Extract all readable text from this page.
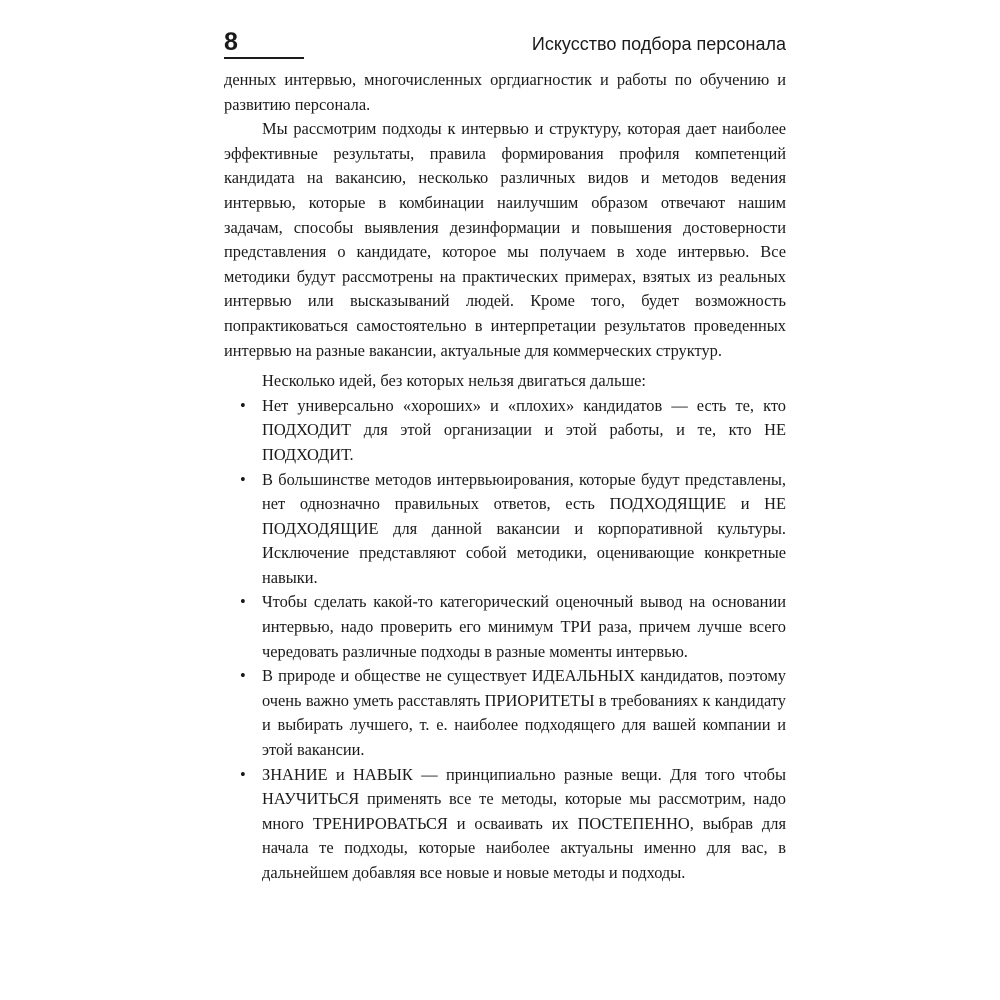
8	Искусство подбора персонала

денных интервью, многочисленных оргдиагностик и работы по обучению и развитию персонала.

Мы рассмотрим подходы к интервью и структуру, которая дает наиболее эффективные результаты, правила формирования профиля компетенций кандидата на вакансию, несколько различных видов и методов ведения интервью, которые в комбинации наилучшим образом отвечают нашим задачам, способы выявления дезинформации и повышения достоверности представления о кандидате, которое мы получаем в ходе интервью. Все методики будут рассмотрены на практических примерах, взятых из реальных интервью или высказываний людей. Кроме того, будет возможность попрактиковаться самостоятельно в интерпретации результатов проведенных интервью на разные вакансии, актуальные для коммерческих структур.

Несколько идей, без которых нельзя двигаться дальше:

• Нет универсально «хороших» и «плохих» кандидатов — есть те, кто ПОДХОДИТ для этой организации и этой работы, и те, кто НЕ ПОДХОДИТ.
• В большинстве методов интервьюирования, которые будут представлены, нет однозначно правильных ответов, есть ПОДХОДЯЩИЕ и НЕ ПОДХОДЯЩИЕ для данной вакансии и корпоративной культуры. Исключение представляют собой методики, оценивающие конкретные навыки.
• Чтобы сделать какой-то категорический оценочный вывод на основании интервью, надо проверить его минимум ТРИ раза, причем лучше всего чередовать различные подходы в разные моменты интервью.
• В природе и обществе не существует ИДЕАЛЬНЫХ кандидатов, поэтому очень важно уметь расставлять ПРИОРИТЕТЫ в требованиях к кандидату и выбирать лучшего, т. е. наиболее подходящего для вашей компании и этой вакансии.
• ЗНАНИЕ и НАВЫК — принципиально разные вещи. Для того чтобы НАУЧИТЬСЯ применять все те методы, которые мы рассмотрим, надо много ТРЕНИРОВАТЬСЯ и осваивать их ПОСТЕПЕННО, выбрав для начала те подходы, которые наиболее актуальны именно для вас, в дальнейшем добавляя все новые и новые методы и подходы.
